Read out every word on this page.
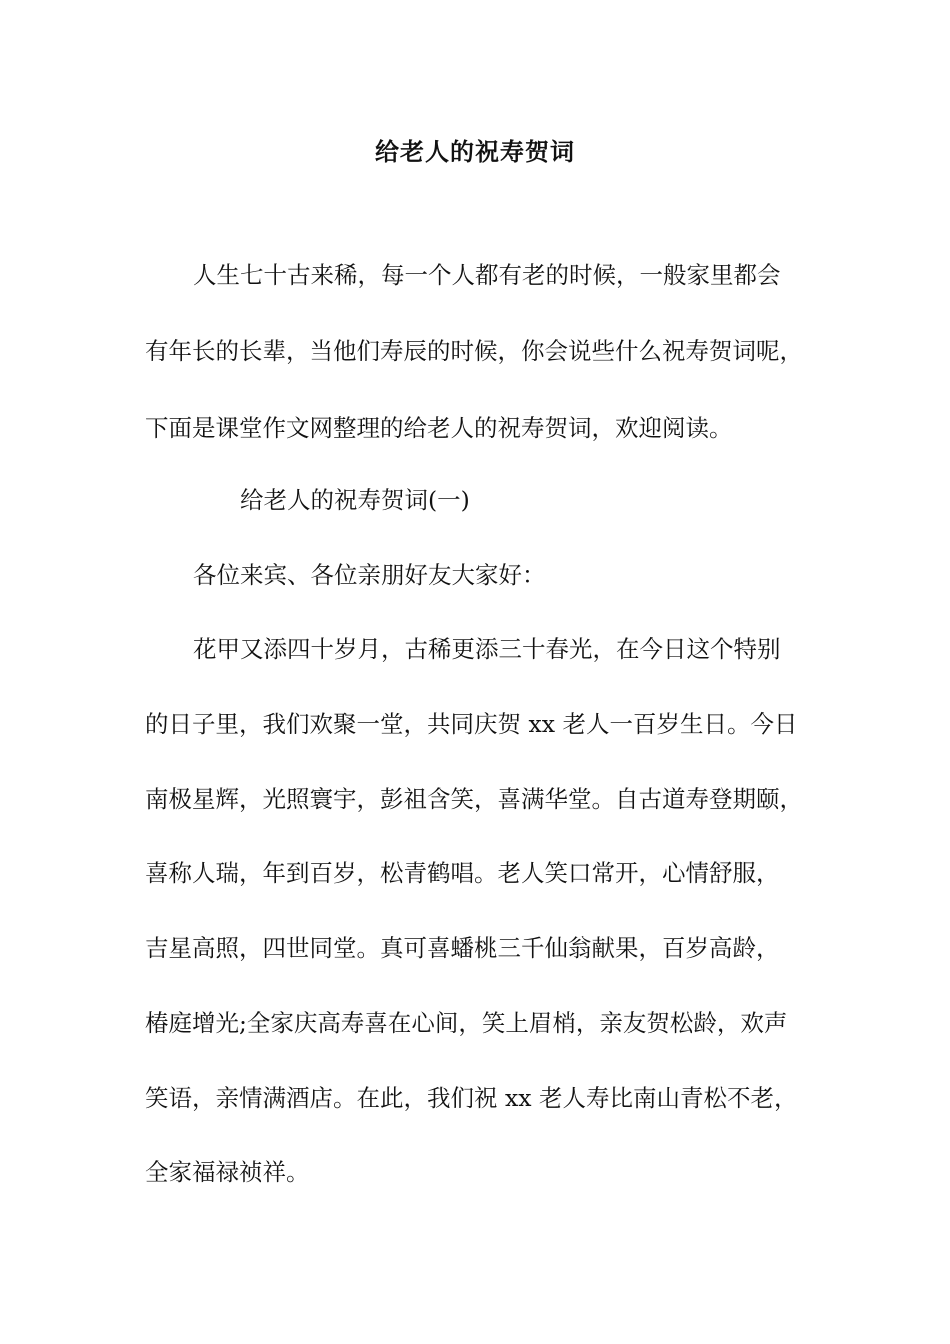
给老人的祝寿贺词
人生七十古来稀，每一个人都有老的时候，一般家里都会
有年长的长辈，当他们寿辰的时候，你会说些什么祝寿贺词呢，
下面是课堂作文网整理的给老人的祝寿贺词，欢迎阅读。
给老人的祝寿贺词(一)
各位来宾、各位亲朋好友大家好：
花甲又添四十岁月，古稀更添三十春光，在今日这个特别
的日子里，我们欢聚一堂，共同庆贺 xx 老人一百岁生日。今日
南极星辉，光照寰宇，彭祖含笑，喜满华堂。自古道寿登期颐，
喜称人瑞，年到百岁，松青鹤唱。老人笑口常开，心情舒服，
吉星高照，四世同堂。真可喜蟠桃三千仙翁献果，百岁高龄，
椿庭增光;全家庆高寿喜在心间，笑上眉梢，亲友贺松龄，欢声
笑语，亲情满酒店。在此，我们祝 xx 老人寿比南山青松不老，
全家福禄祯祥。
